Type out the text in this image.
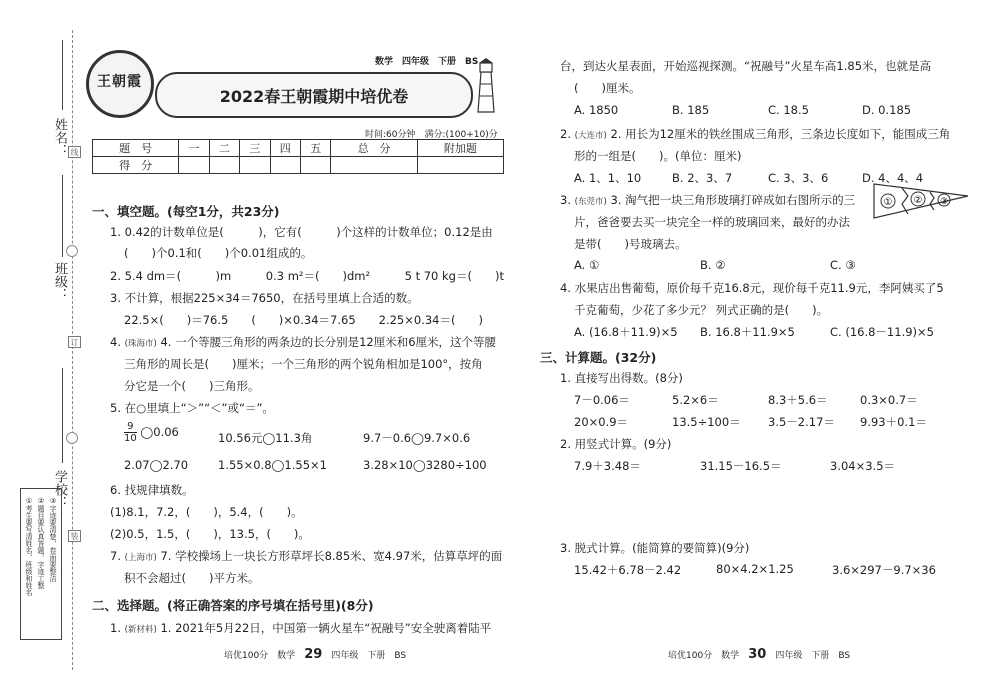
姓名：
班级：
学校：
线
订
装
①考生要写清姓名、班级和姓名 ②题目要认真答题，字迹工整 ③字迹要清楚，卷面要整洁
王朝霞
数学　四年级　下册　BS
2022春王朝霞期中培优卷
时间:60分钟　满分:(100+10)分
题　号	一	二	三	四	五	总　分	附加题
得　分							
一、填空题。(每空1分，共23分)
1. 0.42的计数单位是(　　　)，它有(　　　)个这样的计数单位；0.12是由
(　　)个0.1和(　　)个0.01组成的。
2. 5.4 dm＝(　　　)m　　　0.3 m²＝(　　)dm²　　　5 t 70 kg＝(　　)t
3. 不计算，根据225×34＝7650，在括号里填上合适的数。
22.5×(　　)＝76.5　　(　　)×0.34＝7.65　　2.25×0.34＝(　　)
4. (珠海市) 4. 一个等腰三角形的两条边的长分别是12厘米和6厘米，这个等腰
三角形的周长是(　　)厘米；一个三角形的两个锐角相加是100°，按角
分它是一个(　　)三角形。
5. 在○里填上“＞”“＜”或“＝”。
$\frac{9}{10}$ ◯0.06	10.56元◯11.3角	9.7－0.6◯9.7×0.6
2.07◯2.70	1.55×0.8◯1.55×1	3.28×10◯3280÷100
6. 找规律填数。
(1)8.1，7.2，(　　)，5.4，(　　)。
(2)0.5，1.5，(　　)，13.5，(　　)。
7. (上海市) 7. 学校操场上一块长方形草坪长8.85米、宽4.97米，估算草坪的面
积不会超过(　　)平方米。
二、选择题。(将正确答案的序号填在括号里)(8分)
1. (新材料) 1. 2021年5月22日，中国第一辆火星车“祝融号”安全驶离着陆平
培优100分　数学　 29　 四年级　下册　BS
台，到达火星表面，开始巡视探测。“祝融号”火星车高1.85米，也就是高
(　　)厘米。
A. 1850	B. 185	C. 18.5	D. 0.185
2. (大连市) 2. 用长为12厘米的铁丝围成三角形，三条边长度如下，能围成三角
形的一组是(　　)。(单位：厘米)
A. 1、1、10	B. 2、3、7	C. 3、3、6	D. 4、4、4
3. (东莞市) 3. 淘气把一块三角形玻璃打碎成如右图所示的三
片，爸爸要去买一块完全一样的玻璃回来，最好的办法
是带(　　)号玻璃去。
① ② ③
A. ①	B. ②	C. ③
4. 水果店出售葡萄，原价每千克16.8元，现价每千克11.9元，李阿姨买了5
千克葡萄，少花了多少元？ 列式正确的是(　　)。
A. (16.8＋11.9)×5 B. 16.8＋11.9×5	C. (16.8－11.9)×5
三、计算题。(32分)
1. 直接写出得数。(8分)
7－0.06＝	5.2×6＝	8.3＋5.6＝	0.3×0.7＝
20×0.9＝	13.5÷100＝ 3.5－2.17＝ 9.93＋0.1＝
2. 用竖式计算。(9分)
7.9＋3.48＝	31.15－16.5＝	3.04×3.5＝
3. 脱式计算。(能简算的要简算)(9分)
15.42＋6.78－2.42	80×4.2×1.25	3.6×297－9.7×36
培优100分　数学　 30　 四年级　下册　BS
